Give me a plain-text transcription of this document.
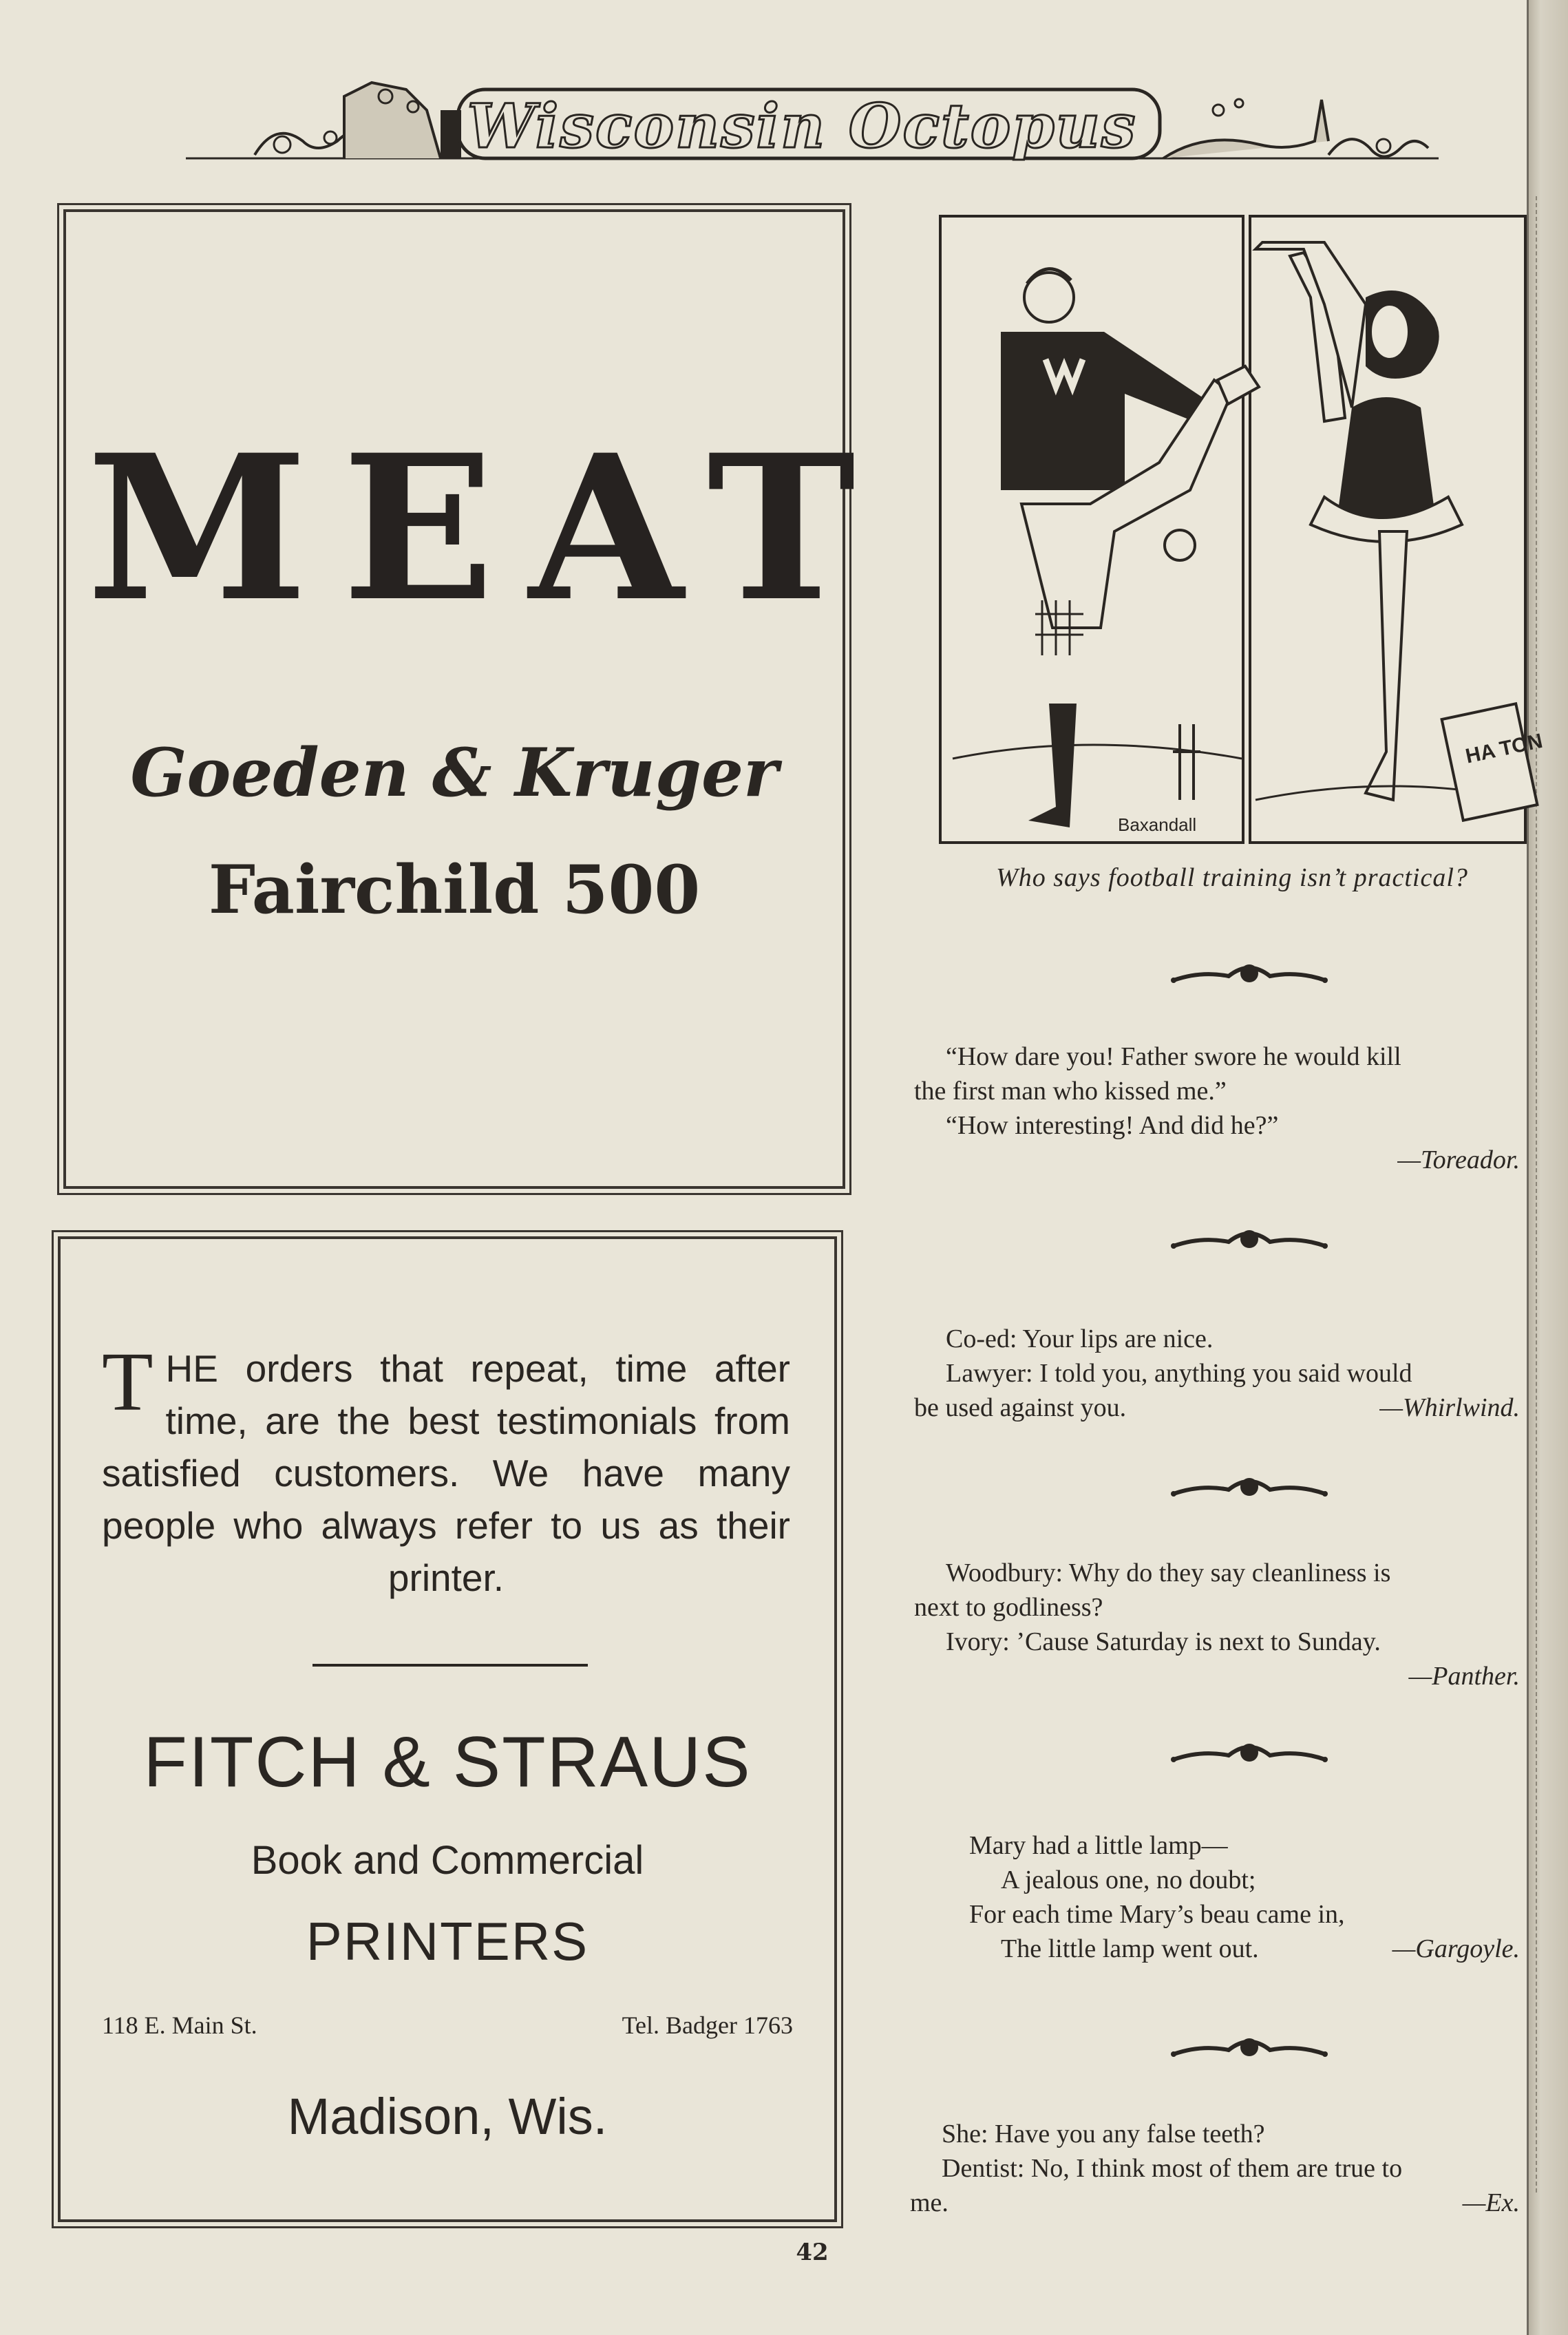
Wisconsin Octopus
MEAT
Goeden & Kruger
Fairchild 500
THE orders that repeat, time after time, are the best testimonials from satisfied customers. We have many people who always refer to us as their printer.
FITCH & STRAUS
Book and Commercial
PRINTERS
118 E. Main St.	Tel. Badger 1763
Madison, Wis.
Baxandall
HA TON
Who says football training isn’t practical?
“How dare you! Father swore he would kill
the first man who kissed me.”
“How interesting! And did he?”
—Toreador.
Co-ed: Your lips are nice.
Lawyer: I told you, anything you said would
be used against you.	—Whirlwind.
Woodbury: Why do they say cleanliness is
next to godliness?
Ivory: ’Cause Saturday is next to Sunday.
—Panther.
Mary had a little lamp—
A jealous one, no doubt;
For each time Mary’s beau came in,
The little lamp went out.	—Gargoyle.
She: Have you any false teeth?
Dentist: No, I think most of them are true to
me.	—Ex.
42
